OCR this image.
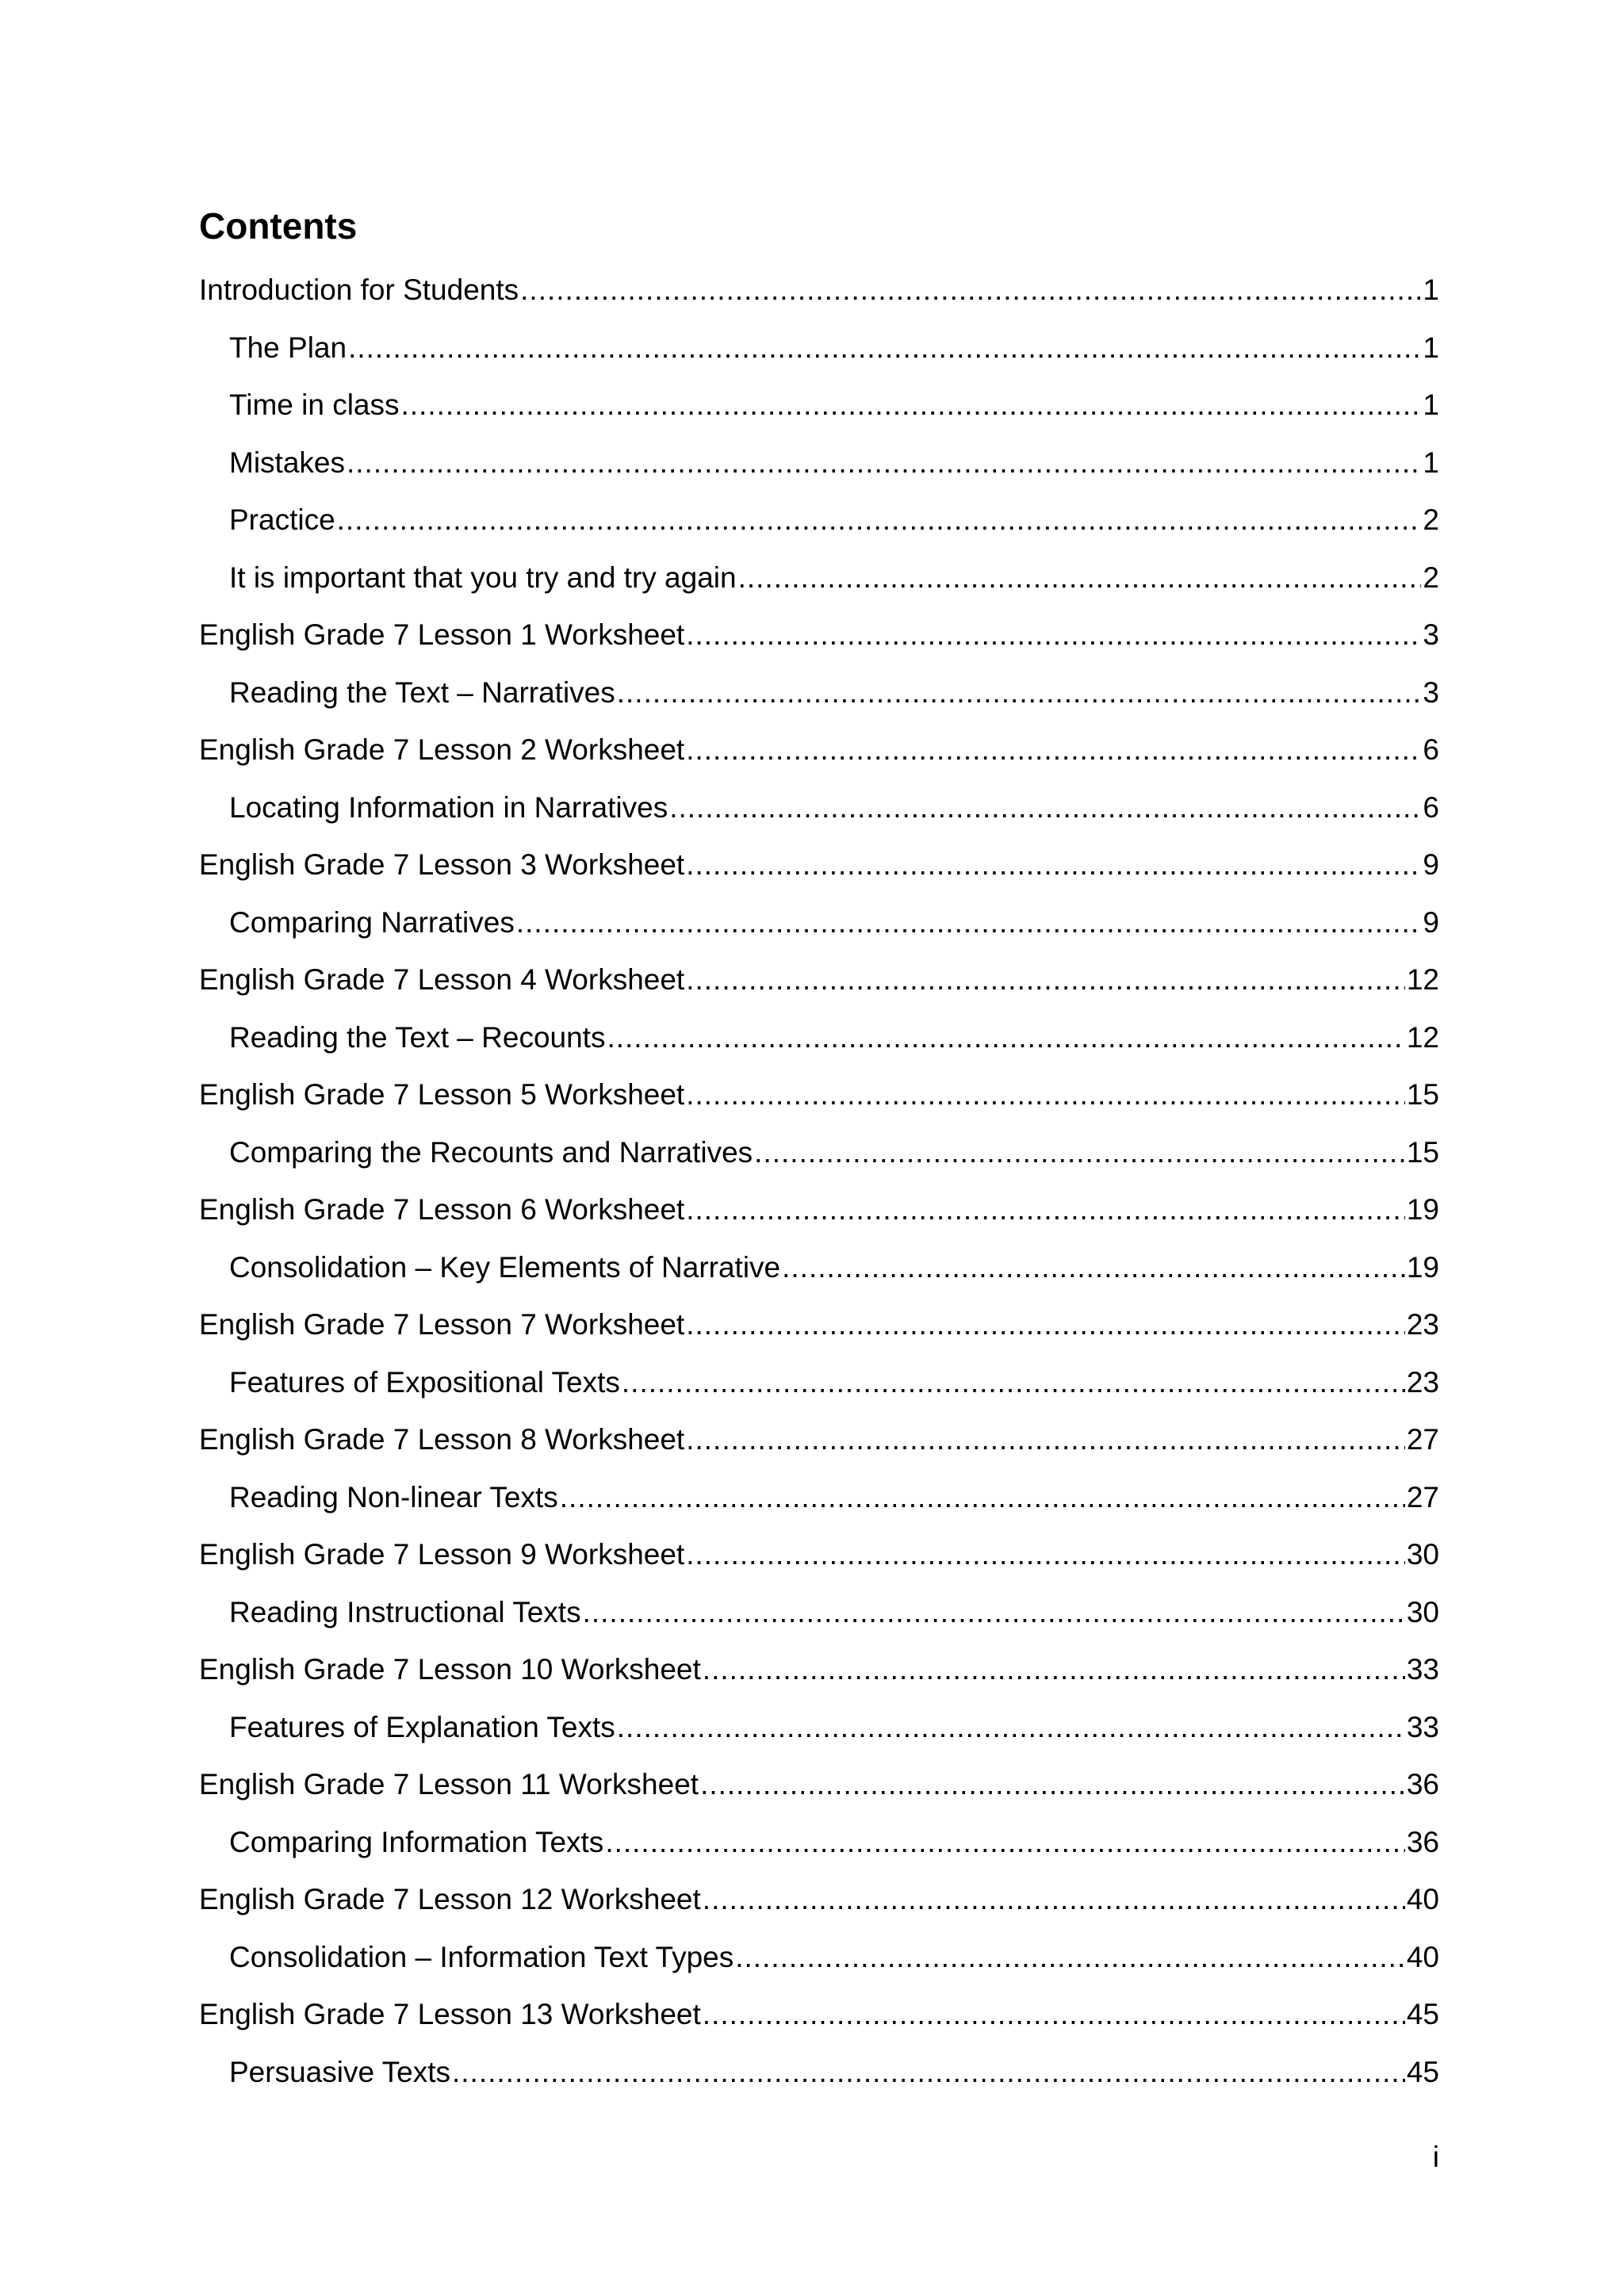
Contents
Introduction for Students .....	1
The Plan .....	1
Time in class .....	1
Mistakes .....	1
Practice .....	2
It is important that you try and try again .....	2
English Grade 7 Lesson 1 Worksheet .....	3
Reading the Text – Narratives .....	3
English Grade 7 Lesson 2 Worksheet .....	6
Locating Information in Narratives .....	6
English Grade 7 Lesson 3 Worksheet .....	9
Comparing Narratives .....	9
English Grade 7 Lesson 4 Worksheet .....	12
Reading the Text – Recounts .....	12
English Grade 7 Lesson 5 Worksheet .....	15
Comparing the Recounts and Narratives .....	15
English Grade 7 Lesson 6 Worksheet .....	19
Consolidation – Key Elements of Narrative .....	19
English Grade 7 Lesson 7 Worksheet .....	23
Features of Expositional Texts .....	23
English Grade 7 Lesson 8 Worksheet .....	27
Reading Non-linear Texts .....	27
English Grade 7 Lesson 9 Worksheet .....	30
Reading Instructional Texts .....	30
English Grade 7 Lesson 10 Worksheet .....	33
Features of Explanation Texts .....	33
English Grade 7 Lesson 11 Worksheet .....	36
Comparing Information Texts .....	36
English Grade 7 Lesson 12 Worksheet .....	40
Consolidation – Information Text Types .....	40
English Grade 7 Lesson 13 Worksheet .....	45
Persuasive Texts .....	45
i
